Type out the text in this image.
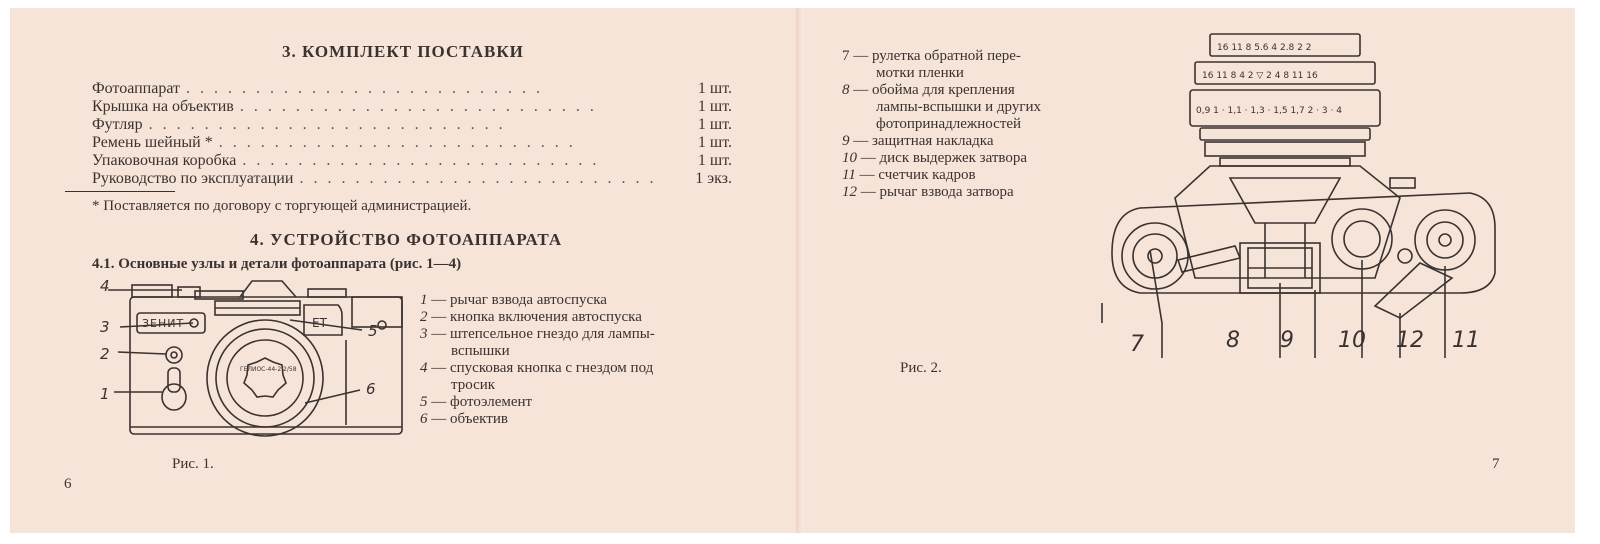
3. КОМПЛЕКТ ПОСТАВКИ
Фотоаппарат ..........................	1 шт.
Крышка на объектив ..........................	1 шт.
Футляр ..........................	1 шт.
Ремень шейный * ..........................	1 шт.
Упаковочная коробка ..........................	1 шт.
Руководство по эксплуатации ..........................	1 экз.
* Поставляется по договору с торгующей администрацией.
4. УСТРОЙСТВО ФОТОАППАРАТА
4.1. Основные узлы и детали фотоаппарата (рис. 1—4)
ЗЕНИТ	ЕТ
ГЕЛИОС-44-2 2/58
4
3
2
1
5
6
Рис. 1.
6
1 — рычаг взвода автоспуска
2 — кнопка включения автоспуска
3 — штепсельное гнездо для лампы-
вспышки
4 — спусковая кнопка с гнездом под
тросик
5 — фотоэлемент
6 — объектив
7 — рулетка обратной пере-
мотки пленки
8 — обойма для крепления
лампы-вспышки и других
фотопринадлежностей
9 — защитная накладка
10 — диск выдержек затвора
11 — счетчик кадров
12 — рычаг взвода затвора
16 11 8 5.6 4 2.8 2 2
16 11 8 4 2 ▽ 2 4 8 11 16
0,9 1 · 1,1 · 1,3 · 1,5 1,7 2 · 3 · 4
7	8 9 10 12 11
Рис. 2.
7
